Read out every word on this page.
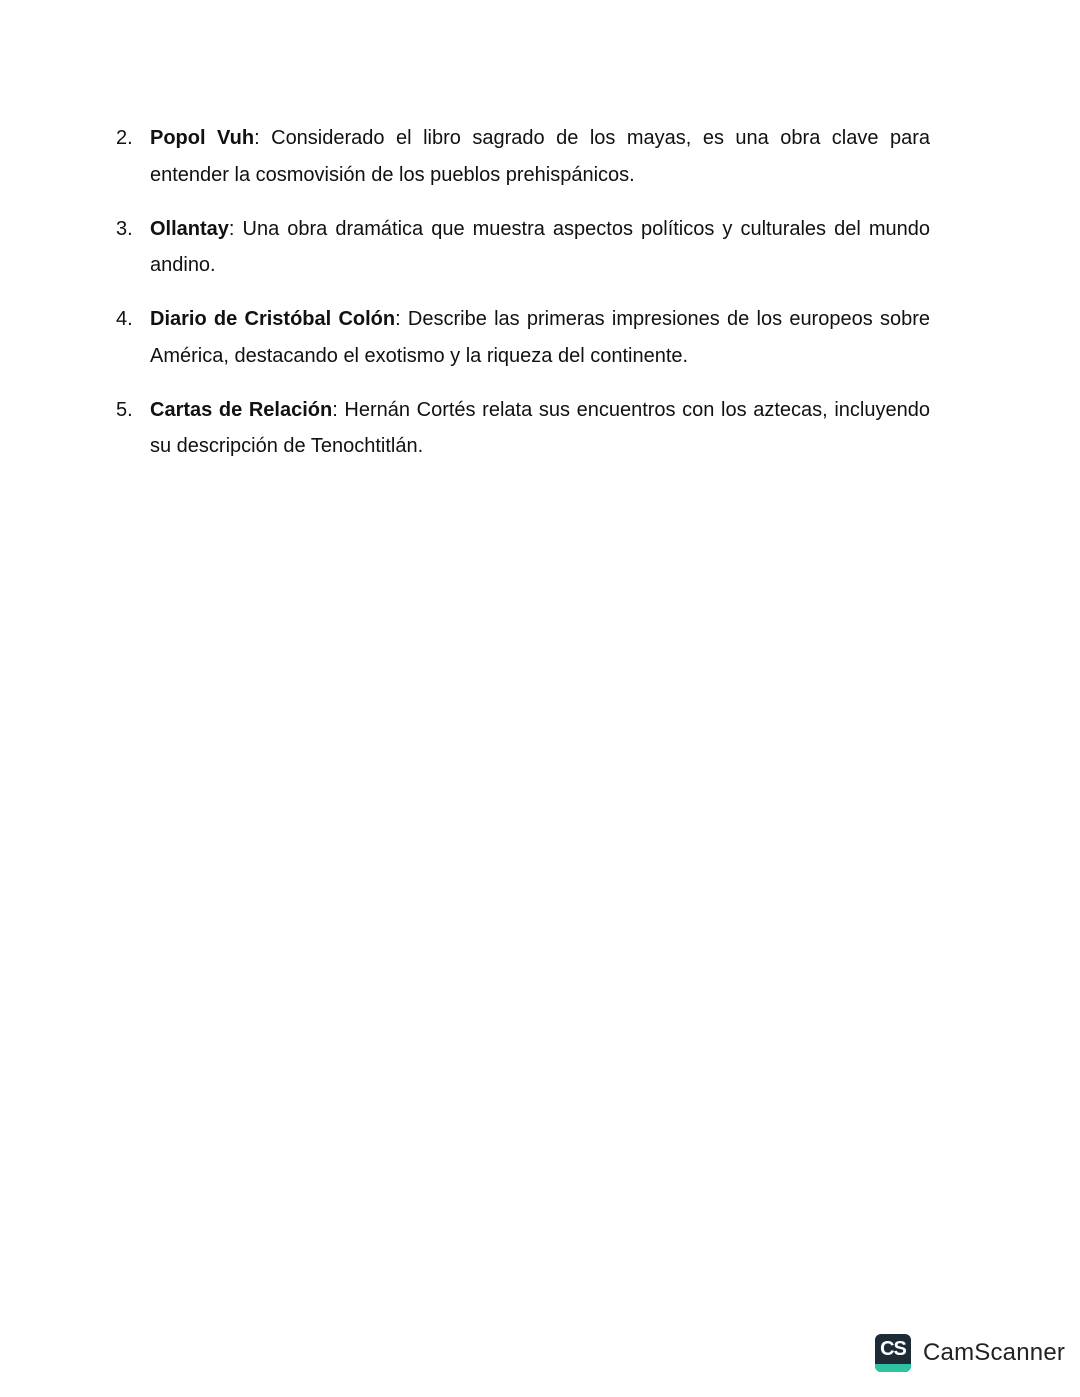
2. Popol Vuh: Considerado el libro sagrado de los mayas, es una obra clave para entender la cosmovisión de los pueblos prehispánicos.
3. Ollantay: Una obra dramática que muestra aspectos políticos y culturales del mundo andino.
4. Diario de Cristóbal Colón: Describe las primeras impresiones de los europeos sobre América, destacando el exotismo y la riqueza del continente.
5. Cartas de Relación: Hernán Cortés relata sus encuentros con los aztecas, incluyendo su descripción de Tenochtitlán.
CS CamScanner
